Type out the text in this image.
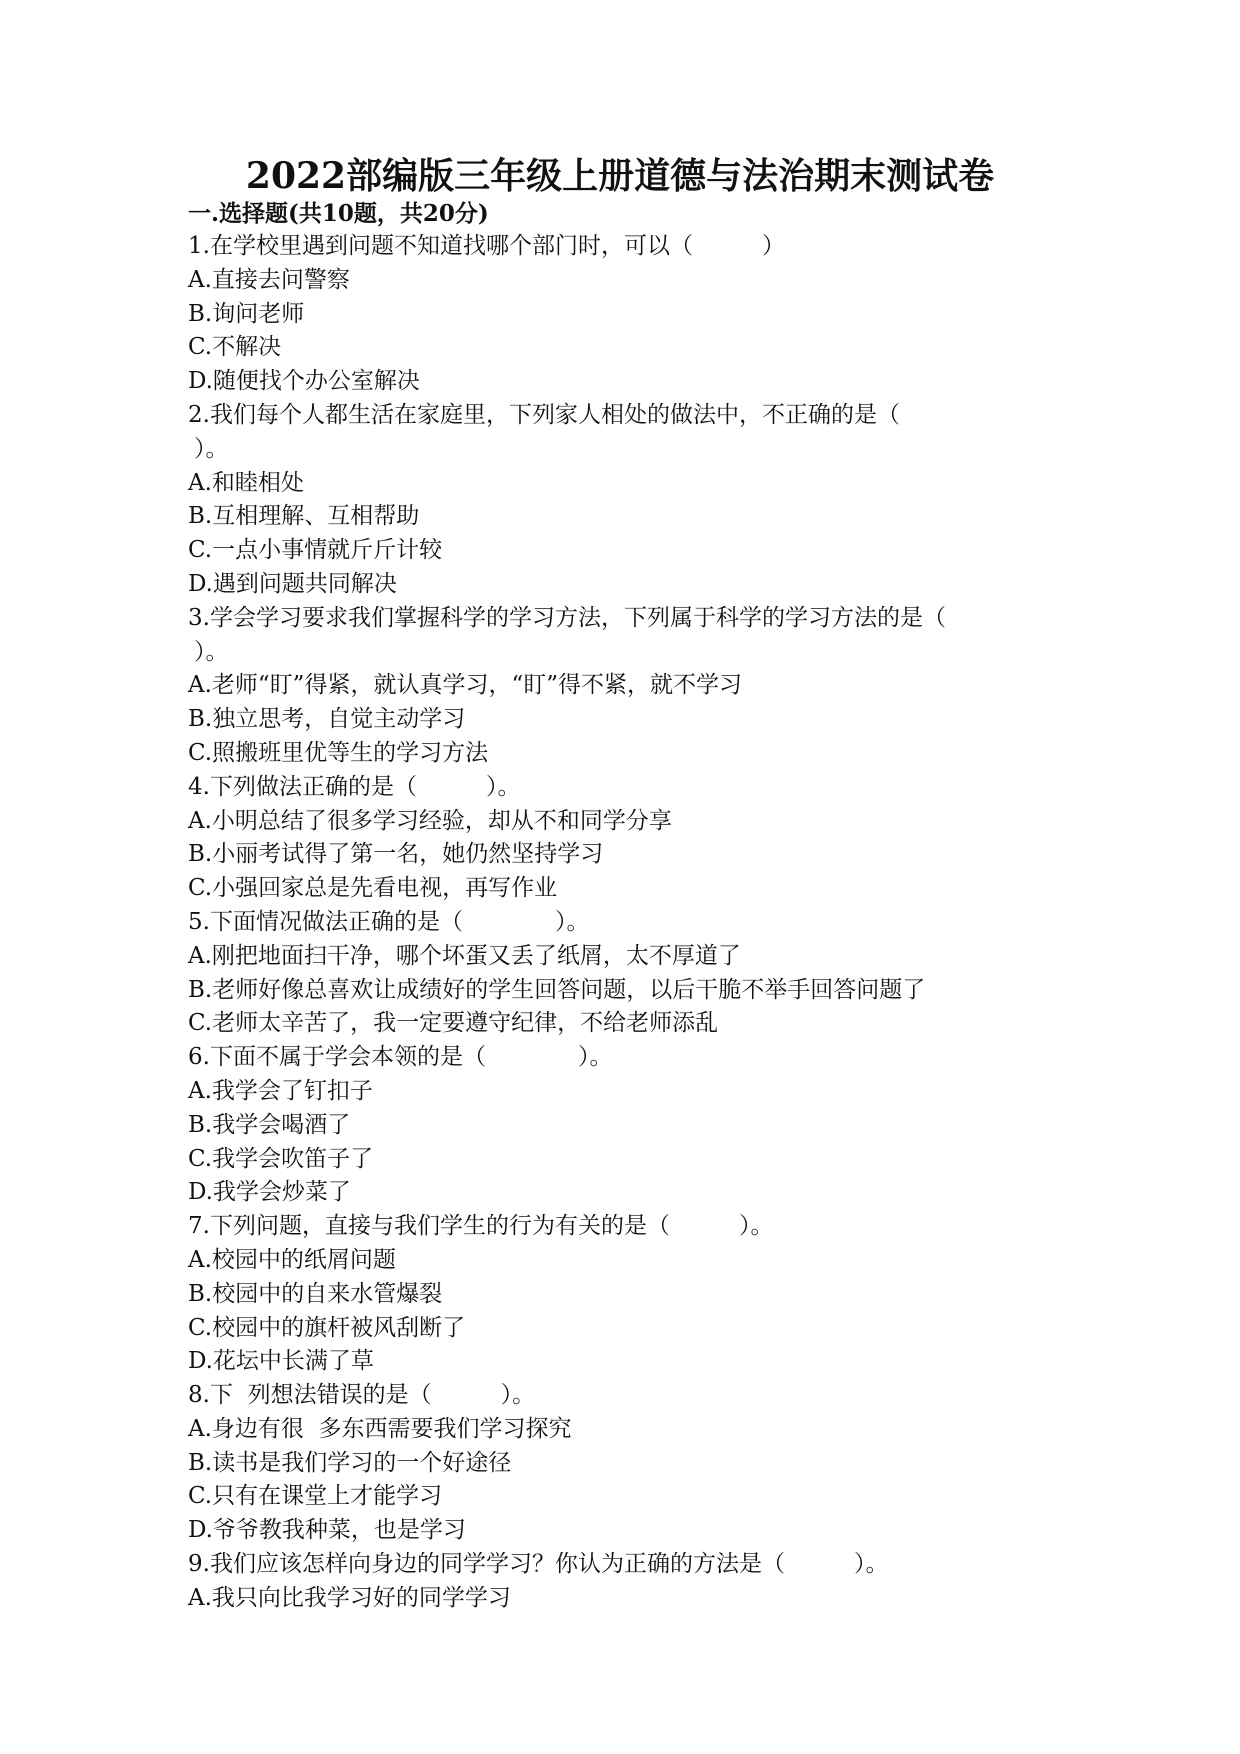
2022部编版三年级上册道德与法治期末测试卷
一.选择题(共10题，共20分)
1.在学校里遇到问题不知道找哪个部门时，可以（　　　）
A.直接去问警察
B.询问老师
C.不解决
D.随便找个办公室解决
2.我们每个人都生活在家庭里，下列家人相处的做法中，不正确的是（
）。
A.和睦相处
B.互相理解、互相帮助
C.一点小事情就斤斤计较
D.遇到问题共同解决
3.学会学习要求我们掌握科学的学习方法，下列属于科学的学习方法的是（
）。
A.老师“盯”得紧，就认真学习，“盯”得不紧，就不学习
B.独立思考，自觉主动学习
C.照搬班里优等生的学习方法
4.下列做法正确的是（　　　）。
A.小明总结了很多学习经验，却从不和同学分享
B.小丽考试得了第一名，她仍然坚持学习
C.小强回家总是先看电视，再写作业
5.下面情况做法正确的是（　　　　）。
A.刚把地面扫干净，哪个坏蛋又丢了纸屑，太不厚道了
B.老师好像总喜欢让成绩好的学生回答问题，以后干脆不举手回答问题了
C.老师太辛苦了，我一定要遵守纪律，不给老师添乱
6.下面不属于学会本领的是（　　　　）。
A.我学会了钉扣子
B.我学会喝酒了
C.我学会吹笛子了
D.我学会炒菜了
7.下列问题，直接与我们学生的行为有关的是（　　　）。
A.校园中的纸屑问题
B.校园中的自来水管爆裂
C.校园中的旗杆被风刮断了
D.花坛中长满了草
8.下  列想法错误的是（　　　）。
A.身边有很  多东西需要我们学习探究
B.读书是我们学习的一个好途径
C.只有在课堂上才能学习
D.爷爷教我种菜，也是学习
9.我们应该怎样向身边的同学学习？你认为正确的方法是（　　　）。
A.我只向比我学习好的同学学习
